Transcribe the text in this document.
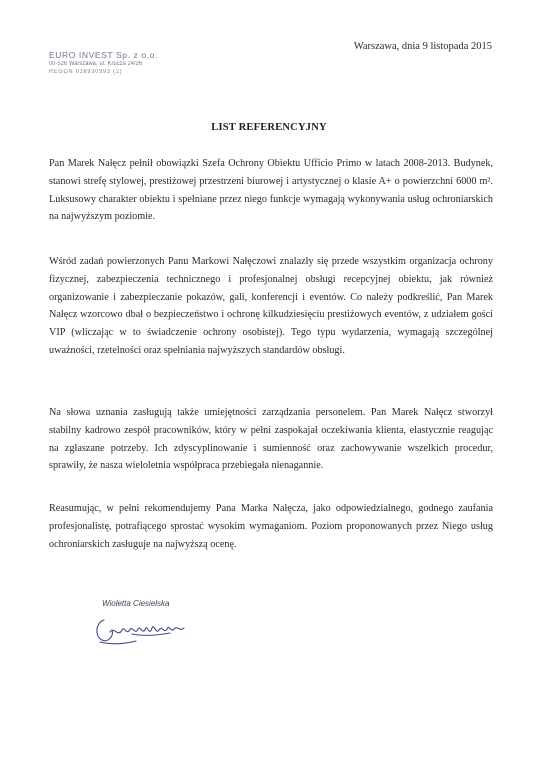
EURO INVEST Sp. z o.o.
00-526 Warszawa, ul. Krucza 24/26
REGON 016930993 (2)
Warszawa, dnia 9 listopada 2015
LIST REFERENCYJNY
Pan Marek Nałęcz pełnił obowiązki Szefa Ochrony Obiektu Ufficio Primo w latach 2008-2013. Budynek, stanowi strefę stylowej, prestiżowej przestrzeni biurowej i artystycznej o klasie A+ o powierzchni 6000 m². Luksusowy charakter obiektu i spełniane przez niego funkcje wymagają wykonywania usług ochroniarskich na najwyższym poziomie.
Wśród zadań powierzonych Panu Markowi Nałęczowi znalazły się przede wszystkim organizacja ochrony fizycznej, zabezpieczenia technicznego i profesjonalnej obsługi recepcyjnej obiektu, jak również organizowanie i zabezpieczanie pokazów, gali, konferencji i eventów. Co należy podkreślić, Pan Marek Nałęcz wzorcowo dbał o bezpieczeństwo i ochronę kilkudziesięciu prestiżowych eventów, z udziałem gości VIP (wliczając w to świadczenie ochrony osobistej). Tego typu wydarzenia, wymagają szczególnej uważności, rzetelności oraz spełniania najwyższych standardów obsługi.
Na słowa uznania zasługują także umiejętności zarządzania personelem. Pan Marek Nałęcz stworzył stabilny kadrowo zespół pracowników, który w pełni zaspokajał oczekiwania klienta, elastycznie reagując na zgłaszane potrzeby. Ich zdyscyplinowanie i sumienność oraz zachowywanie wszelkich procedur, sprawiły, że nasza wieloletnia współpraca przebiegała nienagannie.
Reasumując, w pełni rekomendujemy Pana Marka Nałęcza, jako odpowiedzialnego, godnego zaufania profesjonalistę, potrafiącego sprostać wysokim wymaganiom. Poziom proponowanych przez Niego usług ochroniarskich zasługuje na najwyższą ocenę.
Wioletta Ciesielska
